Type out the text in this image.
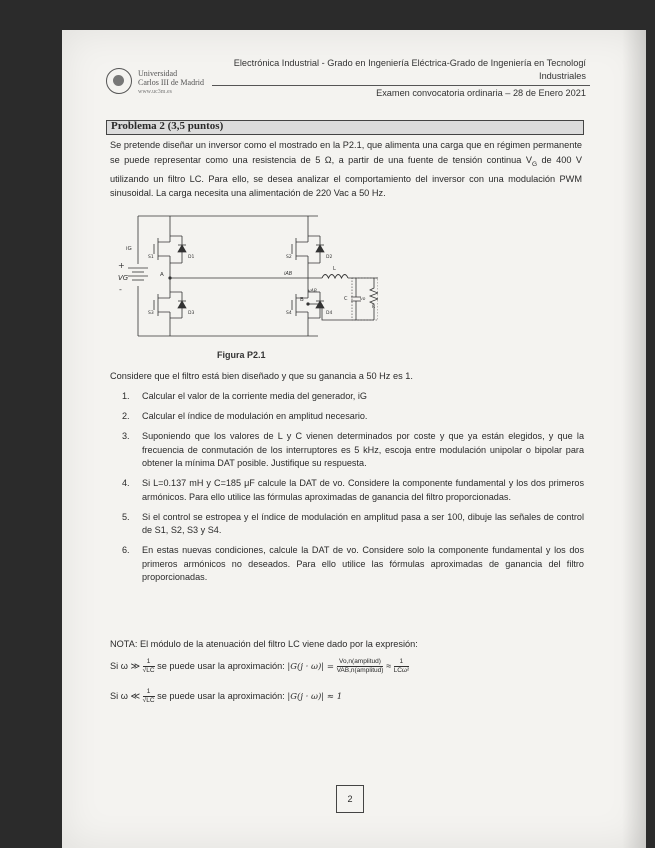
Universidad
Carlos III de Madrid
www.uc3m.es
Electrónica Industrial - Grado en Ingeniería Eléctrica-Grado de Ingeniería en Tecnologí
Industriales
Examen convocatoria ordinaria – 28 de Enero 2021
Problema 2 (3,5 puntos)
Se pretende diseñar un inversor como el mostrado en la P2.1, que alimenta una carga que en régimen permanente se puede representar como una resistencia de 5 Ω, a partir de una fuente de tensión continua $V_G$ de 400 V utilizando un filtro LC. Para ello, se desea analizar el comportamiento del inversor con una modulación PWM sinusoidal. La carga necesita una alimentación de 220 Vac a 50 Hz.
iG
+
-
VG	A
B
S1	D1	S2	D2
S3	D3	S4	D4
iAB
vAB
C	vo
R
L
Figura P2.1
Considere que el filtro está bien diseñado y que su ganancia a 50 Hz es 1.
1. Calcular el valor de la corriente media del generador, iG
2. Calcular el índice de modulación en amplitud necesario.
3. Suponiendo que los valores de L y C vienen determinados por coste y que ya están elegidos, y que la frecuencia de conmutación de los interruptores es 5 kHz, escoja entre modulación unipolar o bipolar para obtener la mínima DAT posible. Justifique su respuesta.
4. Si L=0.137 mH y C=185 μF calcule la DAT de vo. Considere la componente fundamental y los dos primeros armónicos. Para ello utilice las fórmulas aproximadas de ganancia del filtro proporcionadas.
5. Si el control se estropea y el índice de modulación en amplitud pasa a ser 100, dibuje las señales de control de S1, S2, S3 y S4.
6. En estas nuevas condiciones, calcule la DAT de vo. Considere solo la componente fundamental y los dos primeros armónicos no deseados. Para ello utilice las fórmulas aproximadas de ganancia del filtro proporcionadas.
NOTA: El módulo de la atenuación del filtro LC viene dado por la expresión:
Si ω ≫ $\frac{1}{√LC}$ se puede usar la aproximación: $|G(j \cdot \omega)| = \frac{\text{Vo,n(amplitud)}}{\text{VAB,n(amplitud)}} \approx \frac{1}{\text{LCω²}}$
Si ω ≪ $\frac{1}{√LC}$ se puede usar la aproximación: |G(j · ω)| ≈ 1
2
